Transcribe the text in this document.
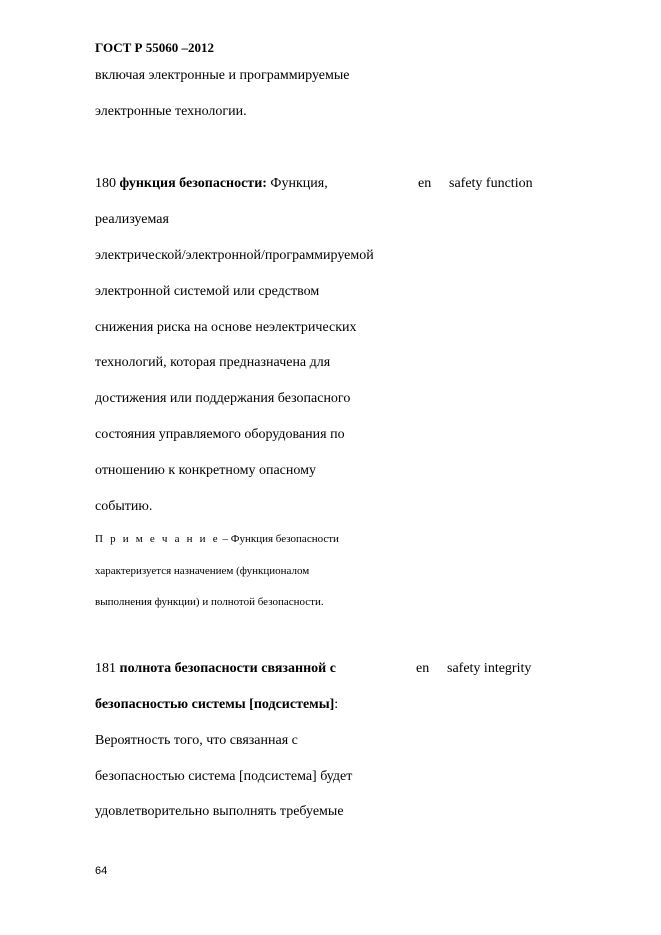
ГОСТ Р 55060 –2012
включая электронные и программируемые
электронные технологии.
180 функция безопасности: Функция,	en safety function
реализуемая
электрической/электронной/программируемой
электронной системой или средством
снижения риска на основе неэлектрических
технологий, которая предназначена для
достижения или поддержания безопасного
состояния управляемого оборудования по
отношению к конкретному опасному
событию.
П р и м е ч а н и е – Функция безопасности
характеризуется назначением (функционалом
выполнения функции) и полнотой безопасности.
181 полнота безопасности связанной с	en safety integrity
безопасностью системы [подсистемы]:
Вероятность того, что связанная с
безопасностью система [подсистема] будет
удовлетворительно выполнять требуемые
64
